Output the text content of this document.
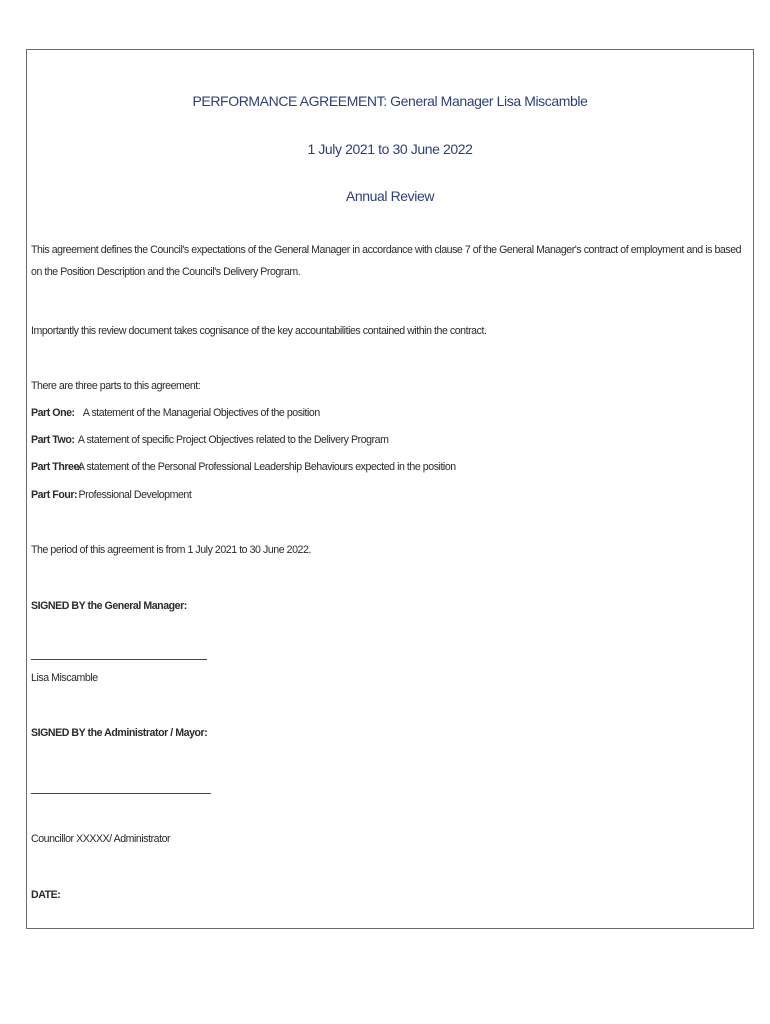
PERFORMANCE AGREEMENT: General Manager Lisa Miscamble
1 July 2021 to 30 June 2022
Annual Review
This agreement defines the Council's expectations of the General Manager in accordance with clause 7 of the General Manager's contract of employment and is based on the Position Description and the Council's Delivery Program.
Importantly this review document takes cognisance of the key accountabilities contained within the contract.
There are three parts to this agreement:
Part One: A statement of the Managerial Objectives of the position
Part Two: A statement of specific Project Objectives related to the Delivery Program
Part Three: A statement of the Personal Professional Leadership Behaviours expected in the position
Part Four: Professional Development
The period of this agreement is from 1 July 2021 to 30 June 2022.
SIGNED BY the General Manager:
Lisa Miscamble
SIGNED BY the Administrator / Mayor:
Councillor XXXXX/ Administrator
DATE:
